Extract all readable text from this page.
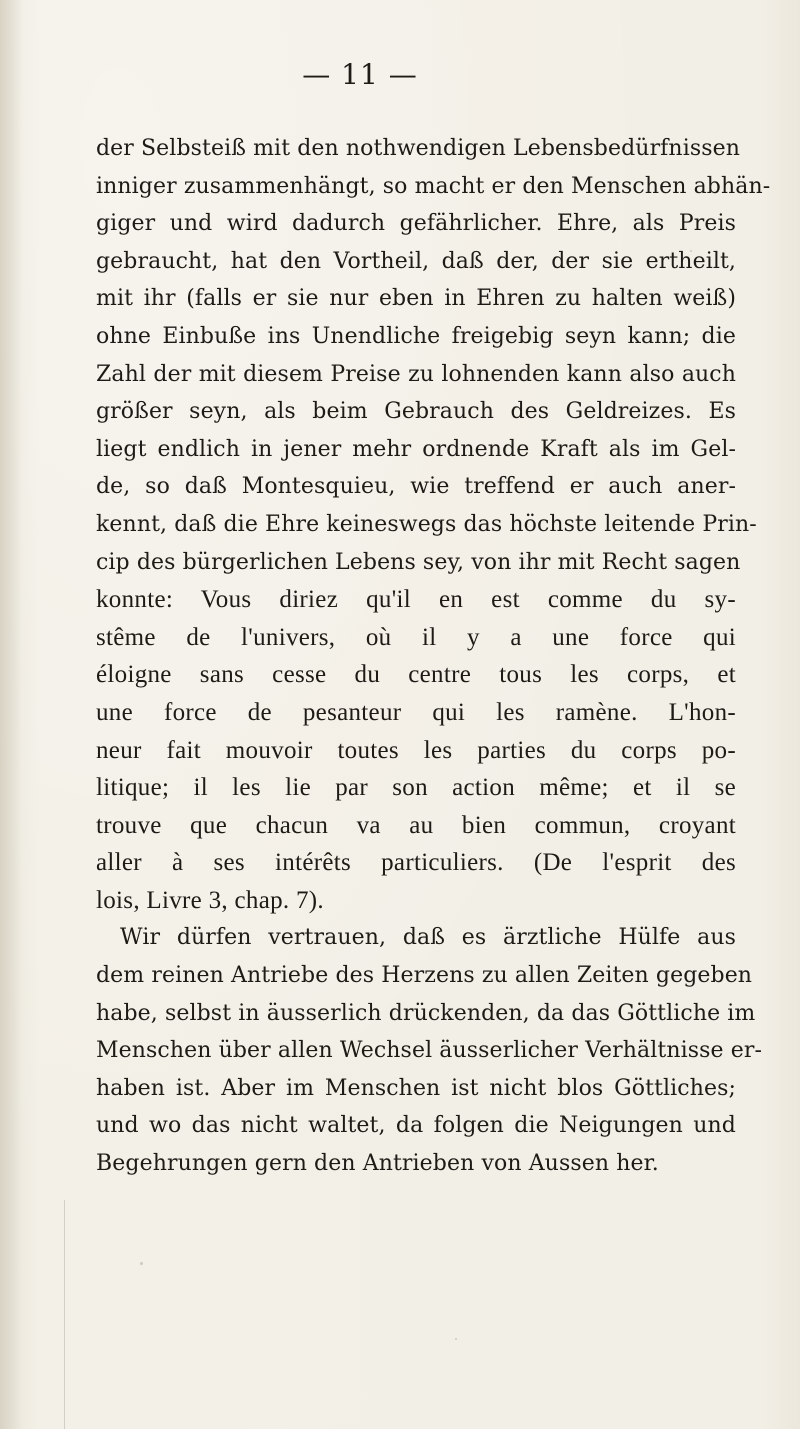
— 11 —
der Selbsteiß mit den nothwendigen Lebensbedürfnissen
inniger zusammenhängt, so macht er den Menschen abhän-
giger und wird dadurch gefährlicher. Ehre, als Preis
gebraucht, hat den Vortheil, daß der, der sie ertheilt,
mit ihr (falls er sie nur eben in Ehren zu halten weiß)
ohne Einbuße ins Unendliche freigebig seyn kann; die
Zahl der mit diesem Preise zu lohnenden kann also auch
größer seyn, als beim Gebrauch des Geldreizes. Es
liegt endlich in jener mehr ordnende Kraft als im Gel-
de, so daß Montesquieu, wie treffend er auch aner-
kennt, daß die Ehre keineswegs das höchste leitende Prin-
cip des bürgerlichen Lebens sey, von ihr mit Recht sagen
konnte: Vous diriez qu'il en est comme du sy-
stême de l'univers, où il y a une force qui
éloigne sans cesse du centre tous les corps, et
une force de pesanteur qui les ramène. L'hon-
neur fait mouvoir toutes les parties du corps po-
litique; il les lie par son action même; et il se
trouve que chacun va au bien commun, croyant
aller à ses intérêts particuliers. (De l'esprit des
lois, Livre 3, chap. 7).
Wir dürfen vertrauen, daß es ärztliche Hülfe aus
dem reinen Antriebe des Herzens zu allen Zeiten gegeben
habe, selbst in äusserlich drückenden, da das Göttliche im
Menschen über allen Wechsel äusserlicher Verhältnisse er-
haben ist. Aber im Menschen ist nicht blos Göttliches;
und wo das nicht waltet, da folgen die Neigungen und
Begehrungen gern den Antrieben von Aussen her.
